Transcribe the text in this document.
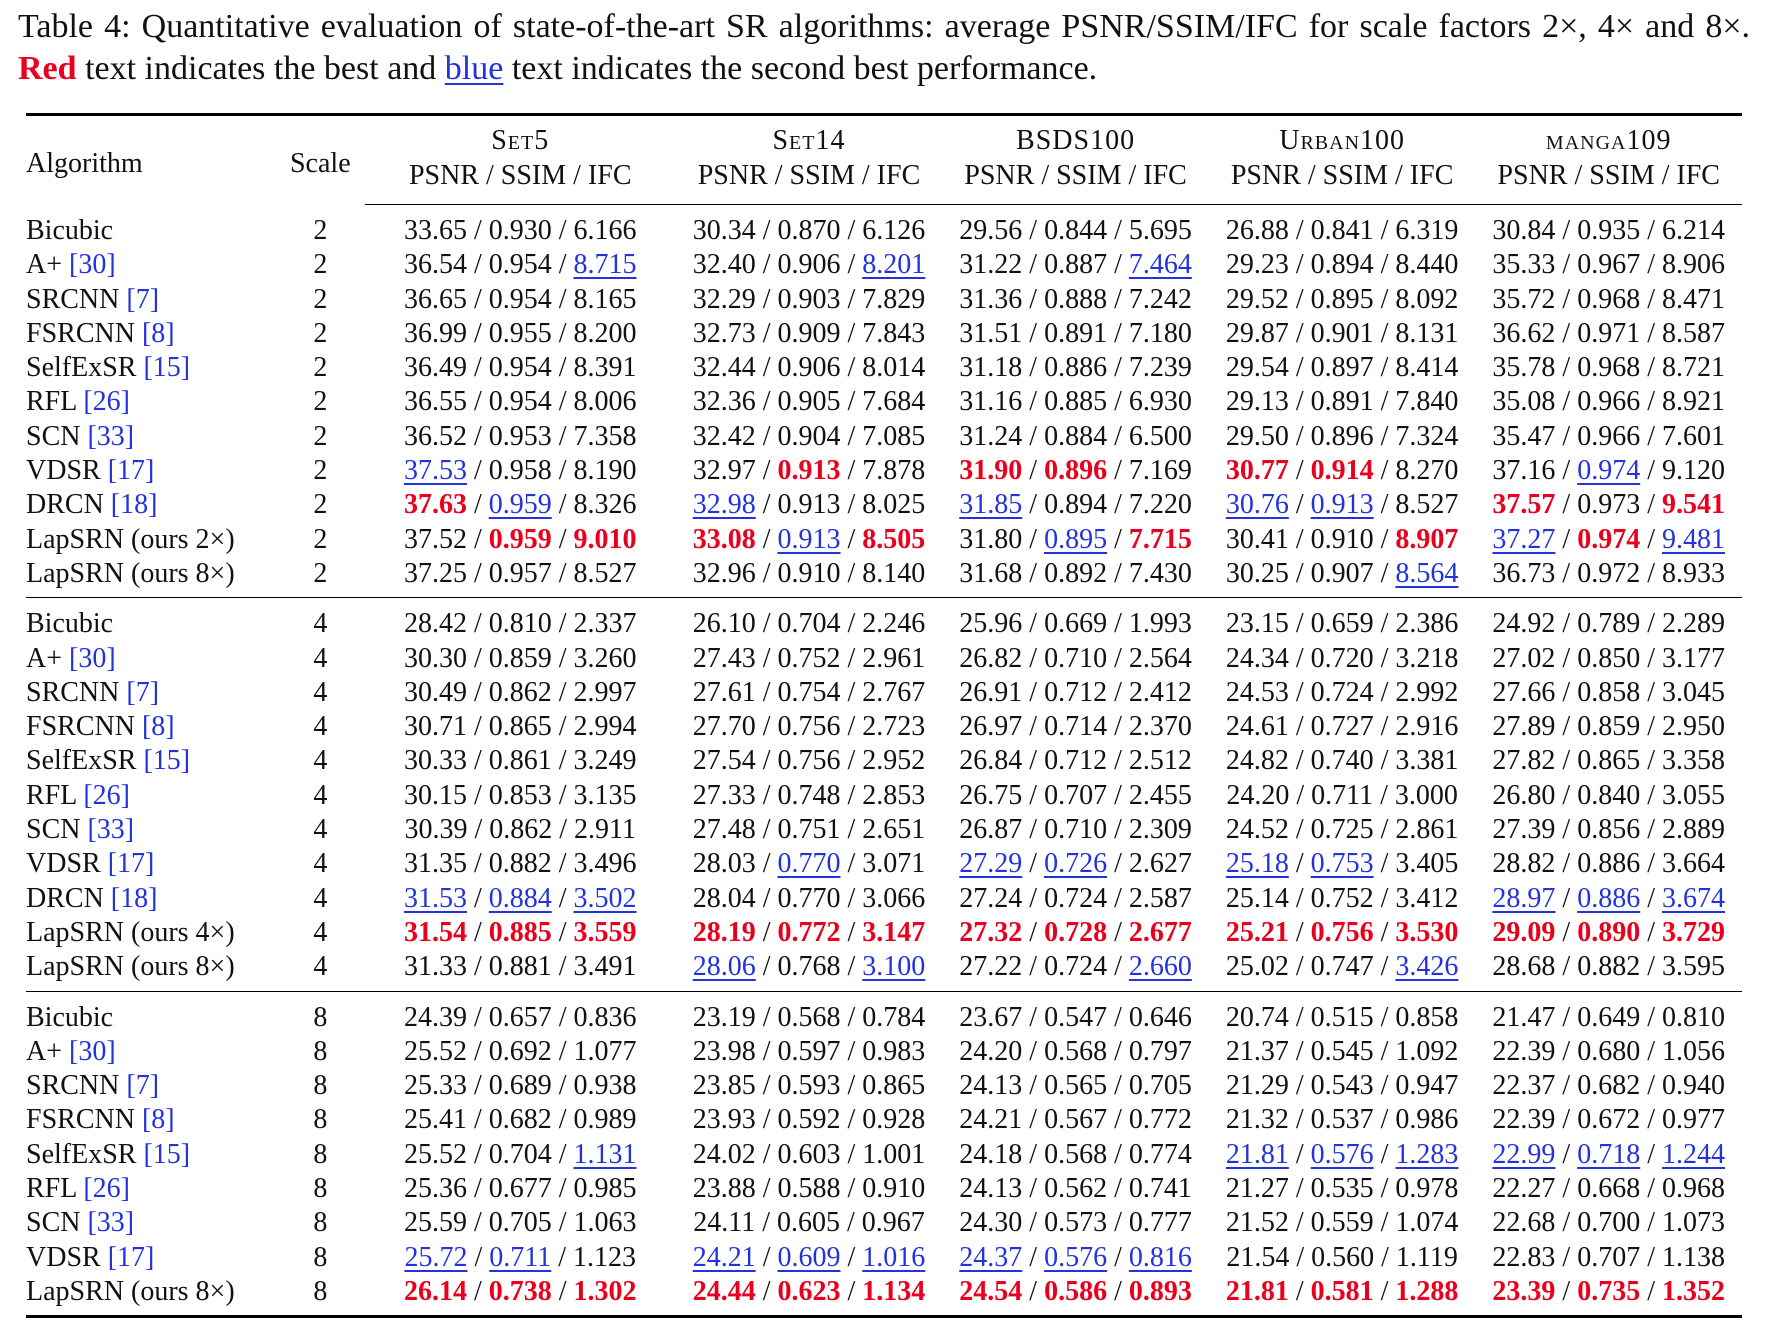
Table 4: Quantitative evaluation of state-of-the-art SR algorithms: average PSNR/SSIM/IFC for scale factors 2×, 4× and 8×. Red text indicates the best and blue text indicates the second best performance.
Algorithm	Scale	Set5	Set14	BSDS100	Urban100	manga109
		PSNR / SSIM / IFC	PSNR / SSIM / IFC	PSNR / SSIM / IFC	PSNR / SSIM / IFC	PSNR / SSIM / IFC
Bicubic	2	33.65 / 0.930 / 6.166	30.34 / 0.870 / 6.126	29.56 / 0.844 / 5.695	26.88 / 0.841 / 6.319	30.84 / 0.935 / 6.214
A+ [30]	2	36.54 / 0.954 / 8.715	32.40 / 0.906 / 8.201	31.22 / 0.887 / 7.464	29.23 / 0.894 / 8.440	35.33 / 0.967 / 8.906
SRCNN [7]	2	36.65 / 0.954 / 8.165	32.29 / 0.903 / 7.829	31.36 / 0.888 / 7.242	29.52 / 0.895 / 8.092	35.72 / 0.968 / 8.471
FSRCNN [8]	2	36.99 / 0.955 / 8.200	32.73 / 0.909 / 7.843	31.51 / 0.891 / 7.180	29.87 / 0.901 / 8.131	36.62 / 0.971 / 8.587
SelfExSR [15]	2	36.49 / 0.954 / 8.391	32.44 / 0.906 / 8.014	31.18 / 0.886 / 7.239	29.54 / 0.897 / 8.414	35.78 / 0.968 / 8.721
RFL [26]	2	36.55 / 0.954 / 8.006	32.36 / 0.905 / 7.684	31.16 / 0.885 / 6.930	29.13 / 0.891 / 7.840	35.08 / 0.966 / 8.921
SCN [33]	2	36.52 / 0.953 / 7.358	32.42 / 0.904 / 7.085	31.24 / 0.884 / 6.500	29.50 / 0.896 / 7.324	35.47 / 0.966 / 7.601
VDSR [17]	2	37.53 / 0.958 / 8.190	32.97 / 0.913 / 7.878	31.90 / 0.896 / 7.169	30.77 / 0.914 / 8.270	37.16 / 0.974 / 9.120
DRCN [18]	2	37.63 / 0.959 / 8.326	32.98 / 0.913 / 8.025	31.85 / 0.894 / 7.220	30.76 / 0.913 / 8.527	37.57 / 0.973 / 9.541
LapSRN (ours 2×)	2	37.52 / 0.959 / 9.010	33.08 / 0.913 / 8.505	31.80 / 0.895 / 7.715	30.41 / 0.910 / 8.907	37.27 / 0.974 / 9.481
LapSRN (ours 8×)	2	37.25 / 0.957 / 8.527	32.96 / 0.910 / 8.140	31.68 / 0.892 / 7.430	30.25 / 0.907 / 8.564	36.73 / 0.972 / 8.933
Bicubic	4	28.42 / 0.810 / 2.337	26.10 / 0.704 / 2.246	25.96 / 0.669 / 1.993	23.15 / 0.659 / 2.386	24.92 / 0.789 / 2.289
A+ [30]	4	30.30 / 0.859 / 3.260	27.43 / 0.752 / 2.961	26.82 / 0.710 / 2.564	24.34 / 0.720 / 3.218	27.02 / 0.850 / 3.177
SRCNN [7]	4	30.49 / 0.862 / 2.997	27.61 / 0.754 / 2.767	26.91 / 0.712 / 2.412	24.53 / 0.724 / 2.992	27.66 / 0.858 / 3.045
FSRCNN [8]	4	30.71 / 0.865 / 2.994	27.70 / 0.756 / 2.723	26.97 / 0.714 / 2.370	24.61 / 0.727 / 2.916	27.89 / 0.859 / 2.950
SelfExSR [15]	4	30.33 / 0.861 / 3.249	27.54 / 0.756 / 2.952	26.84 / 0.712 / 2.512	24.82 / 0.740 / 3.381	27.82 / 0.865 / 3.358
RFL [26]	4	30.15 / 0.853 / 3.135	27.33 / 0.748 / 2.853	26.75 / 0.707 / 2.455	24.20 / 0.711 / 3.000	26.80 / 0.840 / 3.055
SCN [33]	4	30.39 / 0.862 / 2.911	27.48 / 0.751 / 2.651	26.87 / 0.710 / 2.309	24.52 / 0.725 / 2.861	27.39 / 0.856 / 2.889
VDSR [17]	4	31.35 / 0.882 / 3.496	28.03 / 0.770 / 3.071	27.29 / 0.726 / 2.627	25.18 / 0.753 / 3.405	28.82 / 0.886 / 3.664
DRCN [18]	4	31.53 / 0.884 / 3.502	28.04 / 0.770 / 3.066	27.24 / 0.724 / 2.587	25.14 / 0.752 / 3.412	28.97 / 0.886 / 3.674
LapSRN (ours 4×)	4	31.54 / 0.885 / 3.559	28.19 / 0.772 / 3.147	27.32 / 0.728 / 2.677	25.21 / 0.756 / 3.530	29.09 / 0.890 / 3.729
LapSRN (ours 8×)	4	31.33 / 0.881 / 3.491	28.06 / 0.768 / 3.100	27.22 / 0.724 / 2.660	25.02 / 0.747 / 3.426	28.68 / 0.882 / 3.595
Bicubic	8	24.39 / 0.657 / 0.836	23.19 / 0.568 / 0.784	23.67 / 0.547 / 0.646	20.74 / 0.515 / 0.858	21.47 / 0.649 / 0.810
A+ [30]	8	25.52 / 0.692 / 1.077	23.98 / 0.597 / 0.983	24.20 / 0.568 / 0.797	21.37 / 0.545 / 1.092	22.39 / 0.680 / 1.056
SRCNN [7]	8	25.33 / 0.689 / 0.938	23.85 / 0.593 / 0.865	24.13 / 0.565 / 0.705	21.29 / 0.543 / 0.947	22.37 / 0.682 / 0.940
FSRCNN [8]	8	25.41 / 0.682 / 0.989	23.93 / 0.592 / 0.928	24.21 / 0.567 / 0.772	21.32 / 0.537 / 0.986	22.39 / 0.672 / 0.977
SelfExSR [15]	8	25.52 / 0.704 / 1.131	24.02 / 0.603 / 1.001	24.18 / 0.568 / 0.774	21.81 / 0.576 / 1.283	22.99 / 0.718 / 1.244
RFL [26]	8	25.36 / 0.677 / 0.985	23.88 / 0.588 / 0.910	24.13 / 0.562 / 0.741	21.27 / 0.535 / 0.978	22.27 / 0.668 / 0.968
SCN [33]	8	25.59 / 0.705 / 1.063	24.11 / 0.605 / 0.967	24.30 / 0.573 / 0.777	21.52 / 0.559 / 1.074	22.68 / 0.700 / 1.073
VDSR [17]	8	25.72 / 0.711 / 1.123	24.21 / 0.609 / 1.016	24.37 / 0.576 / 0.816	21.54 / 0.560 / 1.119	22.83 / 0.707 / 1.138
LapSRN (ours 8×)	8	26.14 / 0.738 / 1.302	24.44 / 0.623 / 1.134	24.54 / 0.586 / 0.893	21.81 / 0.581 / 1.288	23.39 / 0.735 / 1.352
